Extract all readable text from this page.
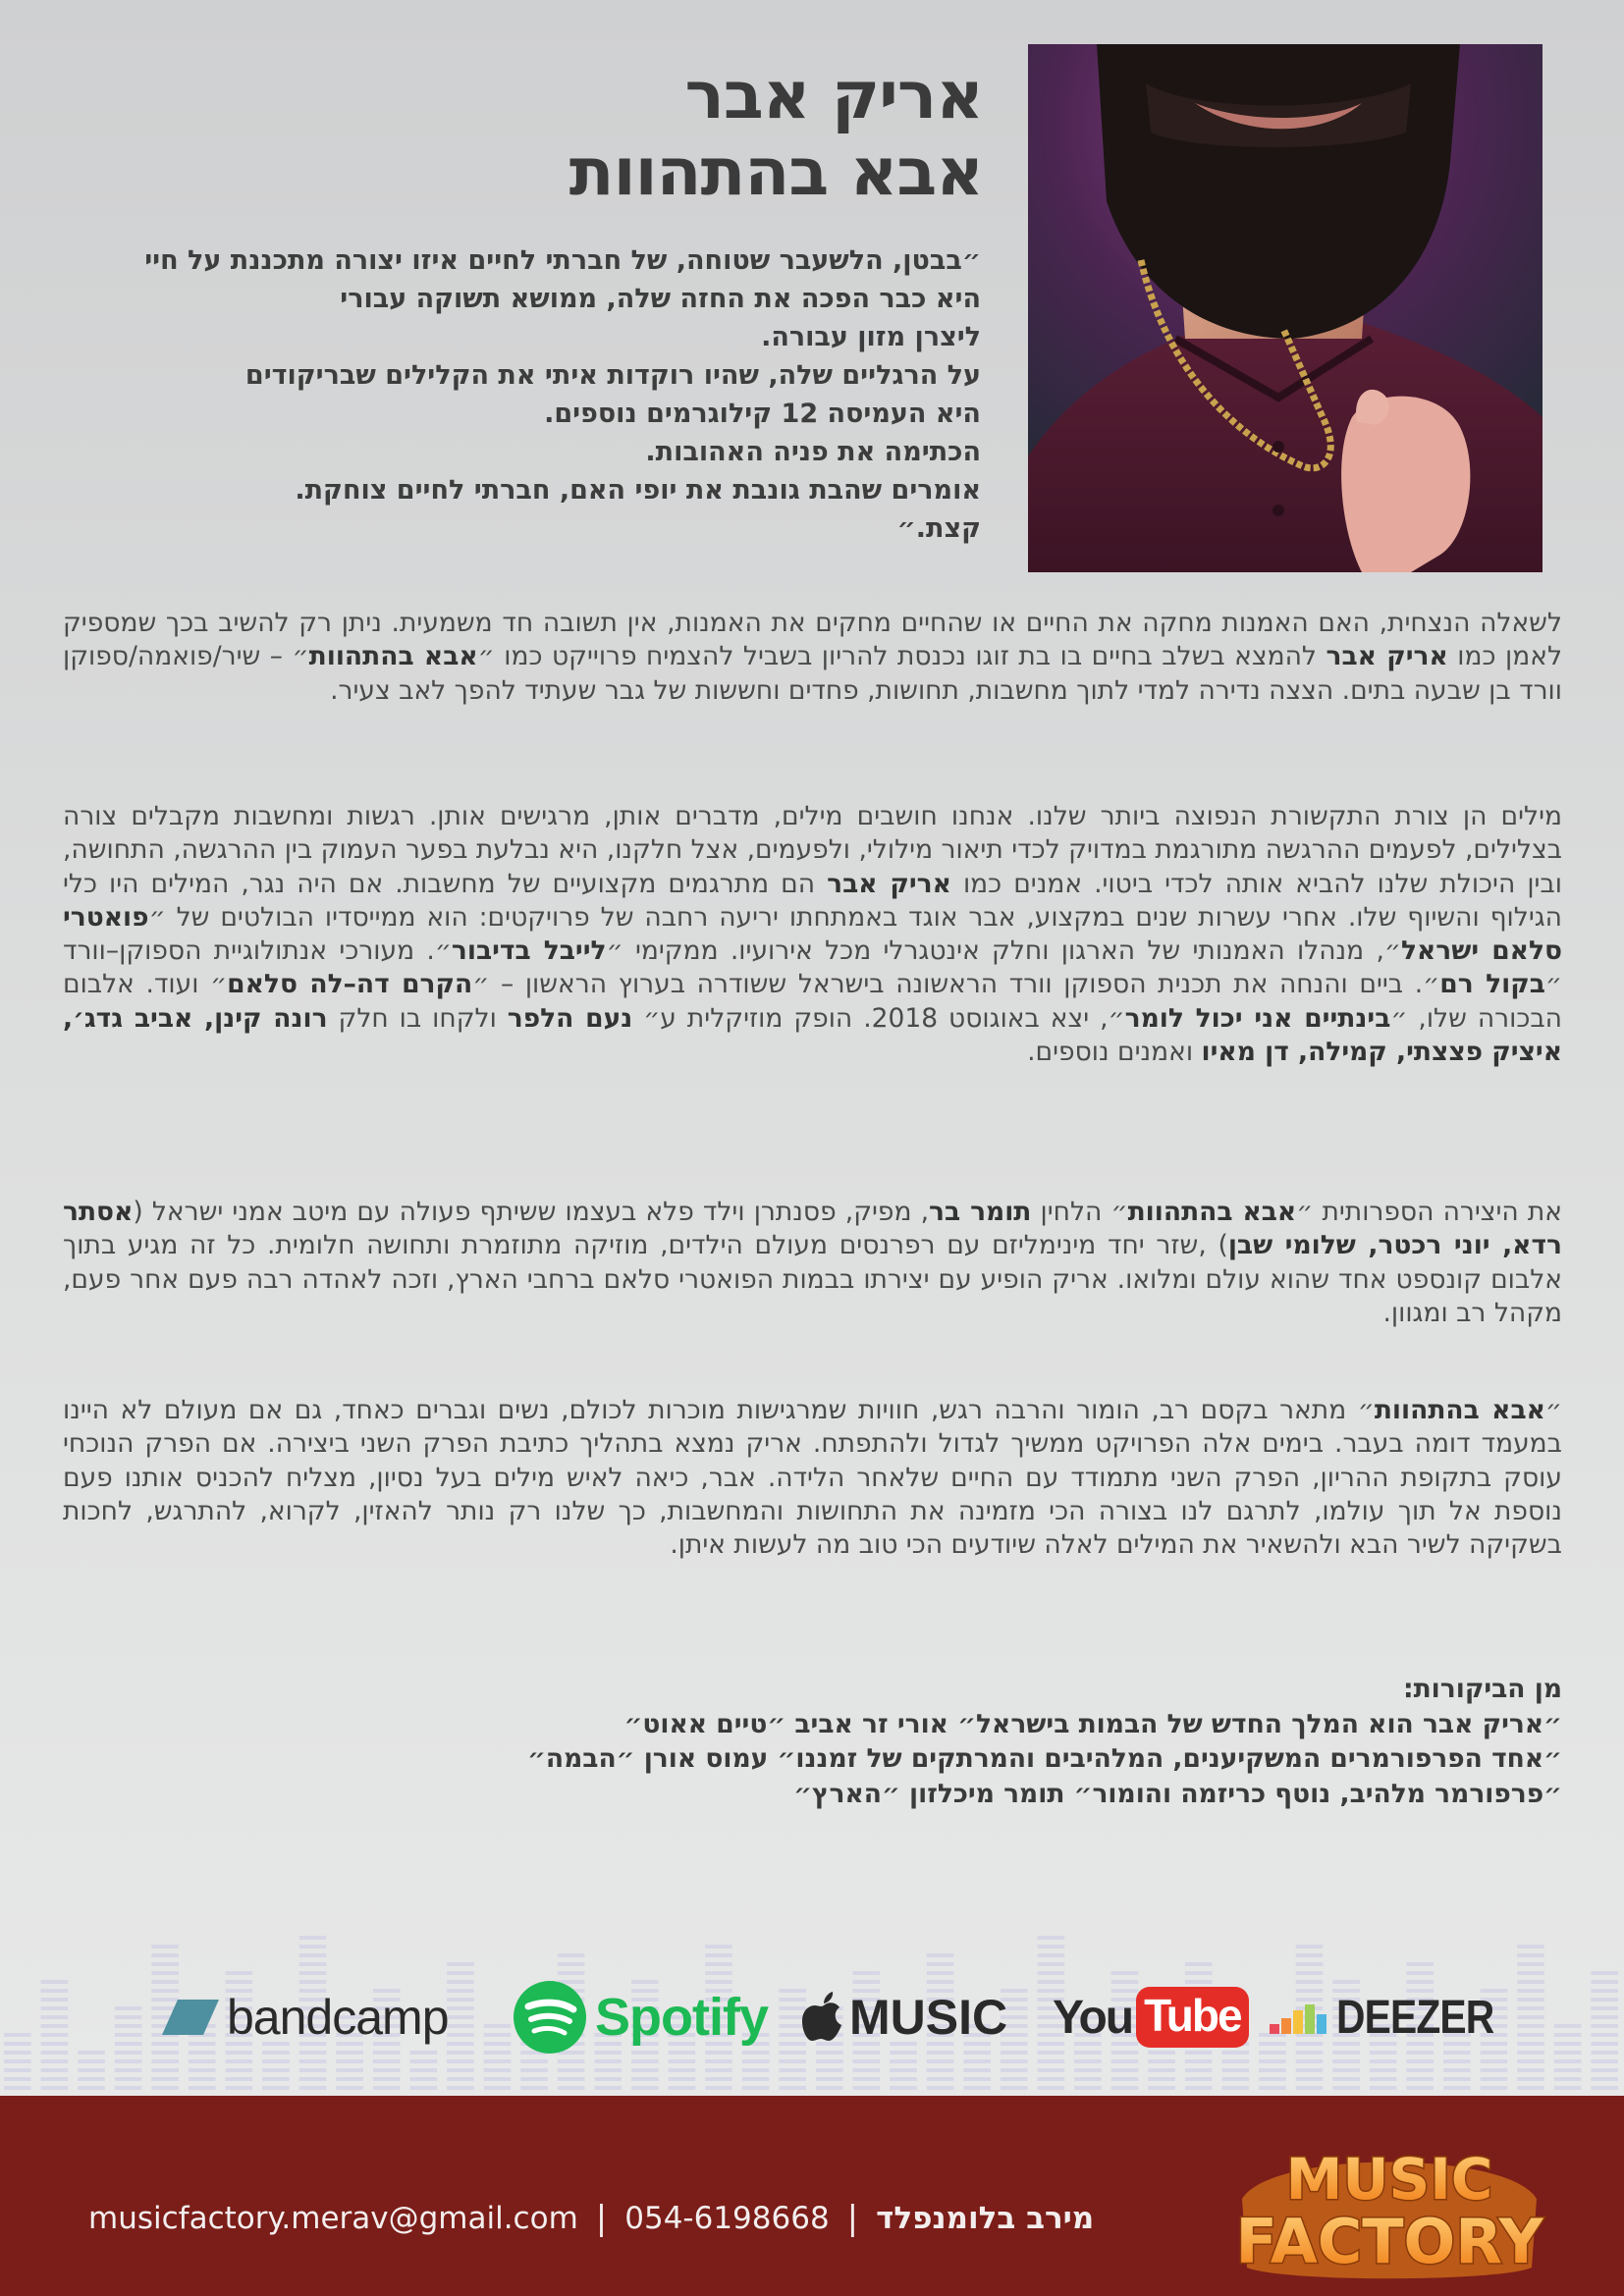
אריק אבר
אבא בהתהוות
״בבטן, הלשעבר שטוחה, של חברתי לחיים איזו יצורה מתכננת על חיי
היא כבר הפכה את החזה שלה, ממושא תשוקה עבורי
ליצרן מזון עבורה.
על הרגליים שלה, שהיו רוקדות איתי את הקלילים שבריקודים
היא העמיסה 12 קילוגרמים נוספים.
הכתימה את פניה האהובות.
אומרים שהבת גונבת את יופי האם, חברתי לחיים צוחקת.
קצת.״

לשאלה הנצחית, האם האמנות מחקה את החיים או שהחיים מחקים את האמנות, אין תשובה חד משמעית. ניתן רק להשיב בכך שמספיק לאמן כמו אריק אבר להמצא בשלב בחיים בו בת זוגו נכנסת להריון בשביל להצמיח פרוייקט כמו ״אבא בהתהוות״ – שיר/פואמה/ספוקן וורד בן שבעה בתים. הצצה נדירה למדי לתוך מחשבות, תחושות, פחדים וחששות של גבר שעתיד להפך לאב צעיר.

מילים הן צורת התקשורת הנפוצה ביותר שלנו. אנחנו חושבים מילים, מדברים אותן, מרגישים אותן. רגשות ומחשבות מקבלים צורה בצלילים, לפעמים ההרגשה מתורגמת במדויק לכדי תיאור מילולי, ולפעמים, אצל חלקנו, היא נבלעת בפער העמוק בין ההרגשה, התחושה, ובין היכולת שלנו להביא אותה לכדי ביטוי. אמנים כמו אריק אבר הם מתרגמים מקצועיים של מחשבות. אם היה נגר, המילים היו כלי הגילוף והשיוף שלו. אחרי עשרות שנים במקצוע, אבר אוגד באמתחתו יריעה רחבה של פרויקטים: הוא ממייסדיו הבולטים של ״פואטרי סלאם ישראל״, מנהלו האמנותי של הארגון וחלק אינטגרלי מכל אירועיו. ממקימי ״לייבל בדיבור״. מעורכי אנתולוגיית הספוקן–וורד ״בקול רם״. ביים והנחה את תכנית הספוקן וורד הראשונה בישראל ששודרה בערוץ הראשון – ״הקרם דה–לה סלאם״ ועוד. אלבום הבכורה שלו, ״בינתיים אני יכול לומר״, יצא באוגוסט 2018. הופק מוזיקלית ע״ נעם הלפר ולקחו בו חלק רונה קינן, אביב גדג׳, איציק פצצתי, קמילה, דן מאיו ואמנים נוספים.

את היצירה הספרותית ״אבא בהתהוות״ הלחין תומר בר, מפיק, פסנתרן וילד פלא בעצמו ששיתף פעולה עם מיטב אמני ישראל (אסתר רדא, יוני רכטר, שלומי שבן) ,שזר יחד מינימליזם עם רפרנסים מעולם הילדים, מוזיקה מתוזמרת ותחושה חלומית. כל זה מגיע בתוך אלבום קונספט אחד שהוא עולם ומלואו. אריק הופיע עם יצירתו בבמות הפואטרי סלאם ברחבי הארץ, וזכה לאהדה רבה פעם אחר פעם, מקהל רב ומגוון.

״אבא בהתהוות״ מתאר בקסם רב, הומור והרבה רגש, חוויות שמרגישות מוכרות לכולם, נשים וגברים כאחד, גם אם מעולם לא היינו במעמד דומה בעבר. בימים אלה הפרויקט ממשיך לגדול ולהתפתח. אריק נמצא בתהליך כתיבת הפרק השני ביצירה. אם הפרק הנוכחי עוסק בתקופת ההריון, הפרק השני מתמודד עם החיים שלאחר הלידה. אבר, כיאה לאיש מילים בעל נסיון, מצליח להכניס אותנו פעם נוספת אל תוך עולמו, לתרגם לנו בצורה הכי מזמינה את התחושות והמחשבות, כך שלנו רק נותר להאזין, לקרוא, להתרגש, לחכות בשקיקה לשיר הבא ולהשאיר את המילים לאלה שיודעים הכי טוב מה לעשות איתן.

מן הביקורות:
״אריק אבר הוא המלך החדש של הבמות בישראל״ אורי זר אביב ״טיים אאוט״
״אחד הפרפורמרים המשקיענים, המלהיבים והמרתקים של זמננו״ עמוס אורן ״הבמה״
״פרפורמר מלהיב, נוטף כריזמה והומור״ תומר מיכלזון ״הארץ״
bandcamp	Spotify MUSIC You Tube DEEZER
musicfactory.merav@gmail.com | 054-6198668 | מירב בלומנפלד
MUSIC
FACTORY
